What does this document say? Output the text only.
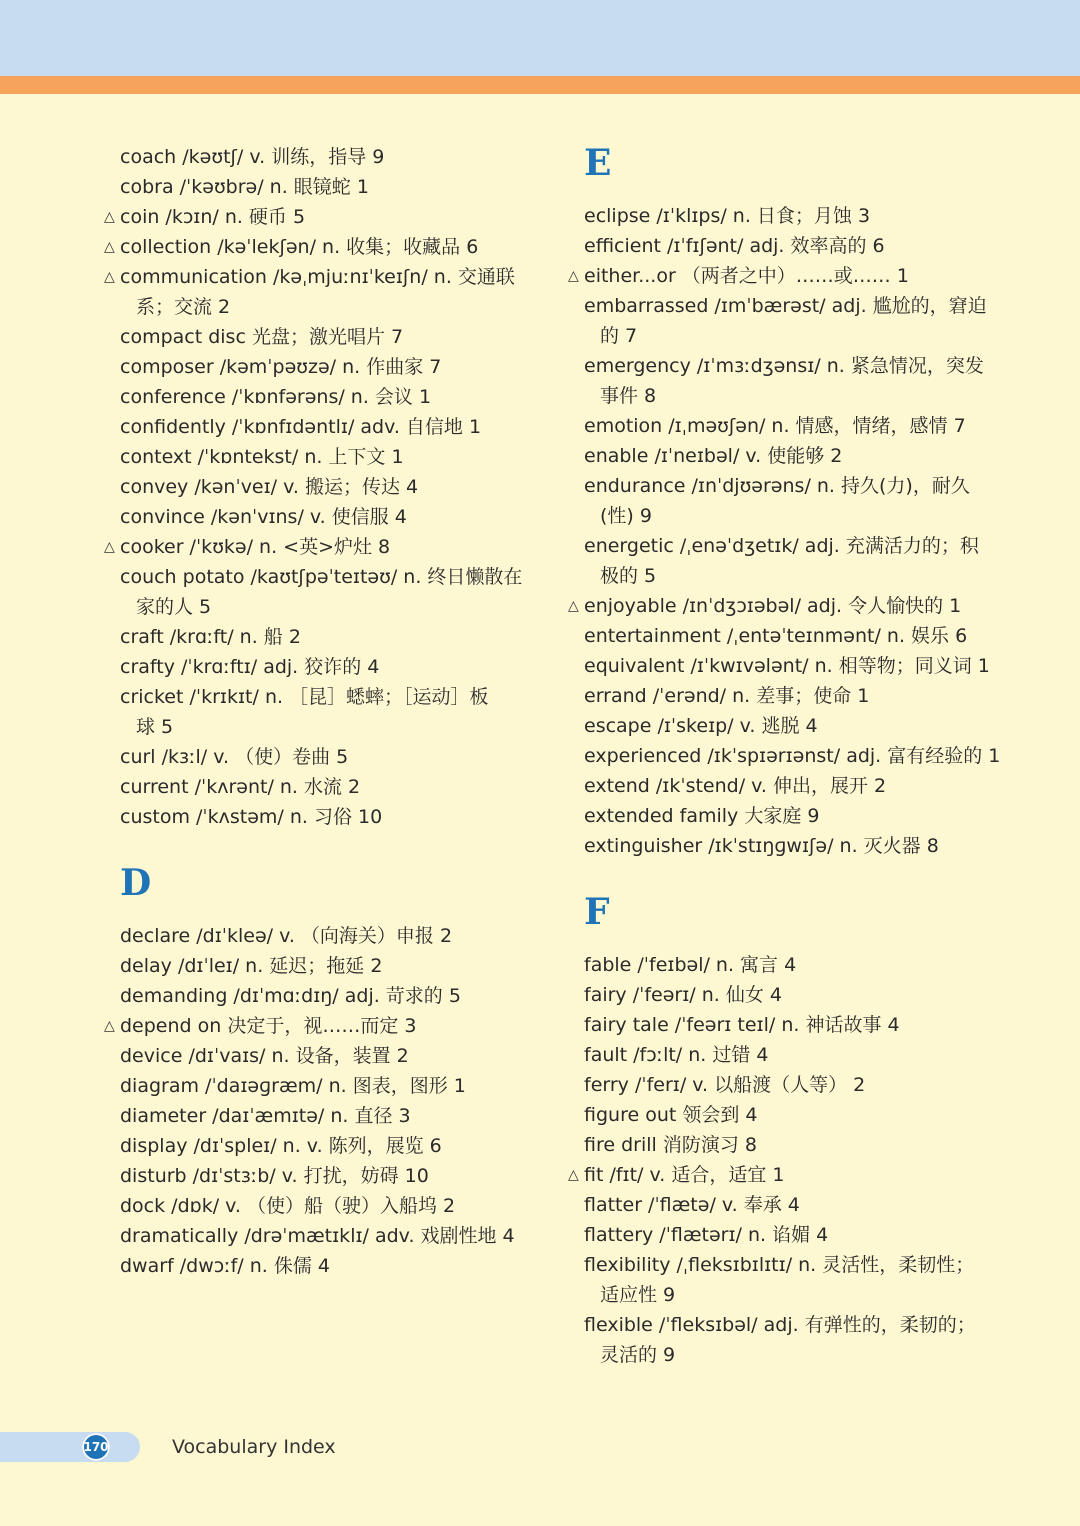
coach /kəʊtʃ/ v. 训练，指导 9
cobra /ˈkəʊbrə/ n. 眼镜蛇 1
△ coin /kɔɪn/ n. 硬币 5
△ collection /kəˈlekʃən/ n. 收集；收藏品 6
△ communication /kəˌmjuːnɪˈkeɪʃn/ n. 交通联
系；交流 2
compact disc 光盘；激光唱片 7
composer /kəmˈpəʊzə/ n. 作曲家 7
conference /ˈkɒnfərəns/ n. 会议 1
confidently /ˈkɒnfɪdəntlɪ/ adv. 自信地 1
context /ˈkɒntekst/ n. 上下文 1
convey /kənˈveɪ/ v. 搬运；传达 4
convince /kənˈvɪns/ v. 使信服 4
△ cooker /ˈkʊkə/ n. <英>炉灶 8
couch potato /kaʊtʃpəˈteɪtəʊ/ n. 终日懒散在
家的人 5
craft /krɑːft/ n. 船 2
crafty /ˈkrɑːftɪ/ adj. 狡诈的 4
cricket /ˈkrɪkɪt/ n. ［昆］蟋蟀；［运动］板
球 5
curl /kɜːl/ v. （使）卷曲 5
current /ˈkʌrənt/ n. 水流 2
custom /ˈkʌstəm/ n. 习俗 10
D
declare /dɪˈkleə/ v. （向海关）申报 2
delay /dɪˈleɪ/ n. 延迟；拖延 2
demanding /dɪˈmɑːdɪŋ/ adj. 苛求的 5
△ depend on 决定于，视……而定 3
device /dɪˈvaɪs/ n. 设备，装置 2
diagram /ˈdaɪəɡræm/ n. 图表，图形 1
diameter /daɪˈæmɪtə/ n. 直径 3
display /dɪˈspleɪ/ n. v. 陈列，展览 6
disturb /dɪˈstɜːb/ v. 打扰，妨碍 10
dock /dɒk/ v. （使）船（驶）入船坞 2
dramatically /drəˈmætɪklɪ/ adv. 戏剧性地 4
dwarf /dwɔːf/ n. 侏儒 4
E
eclipse /ɪˈklɪps/ n. 日食；月蚀 3
efficient /ɪˈfɪʃənt/ adj. 效率高的 6
△ either...or （两者之中）……或…… 1
embarrassed /ɪmˈbærəst/ adj. 尴尬的，窘迫
的 7
emergency /ɪˈmɜːdʒənsɪ/ n. 紧急情况，突发
事件 8
emotion /ɪˌməʊʃən/ n. 情感，情绪，感情 7
enable /ɪˈneɪbəl/ v. 使能够 2
endurance /ɪnˈdjʊərəns/ n. 持久(力)，耐久
(性) 9
energetic /ˌenəˈdʒetɪk/ adj. 充满活力的；积
极的 5
△ enjoyable /ɪnˈdʒɔɪəbəl/ adj. 令人愉快的 1
entertainment /ˌentəˈteɪnmənt/ n. 娱乐 6
equivalent /ɪˈkwɪvələnt/ n. 相等物；同义词 1
errand /ˈerənd/ n. 差事；使命 1
escape /ɪˈskeɪp/ v. 逃脱 4
experienced /ɪkˈspɪərɪənst/ adj. 富有经验的 1
extend /ɪkˈstend/ v. 伸出，展开 2
extended family 大家庭 9
extinguisher /ɪkˈstɪŋɡwɪʃə/ n. 灭火器 8
F
fable /ˈfeɪbəl/ n. 寓言 4
fairy /ˈfeərɪ/ n. 仙女 4
fairy tale /ˈfeərɪ teɪl/ n. 神话故事 4
fault /fɔːlt/ n. 过错 4
ferry /ˈferɪ/ v. 以船渡（人等） 2
figure out 领会到 4
fire drill 消防演习 8
△ fit /fɪt/ v. 适合，适宜 1
flatter /ˈflætə/ v. 奉承 4
flattery /ˈflætərɪ/ n. 谄媚 4
flexibility /ˌfleksɪbɪlɪtɪ/ n. 灵活性，柔韧性；
适应性 9
flexible /ˈfleksɪbəl/ adj. 有弹性的，柔韧的；
灵活的 9
170	Vocabulary Index
